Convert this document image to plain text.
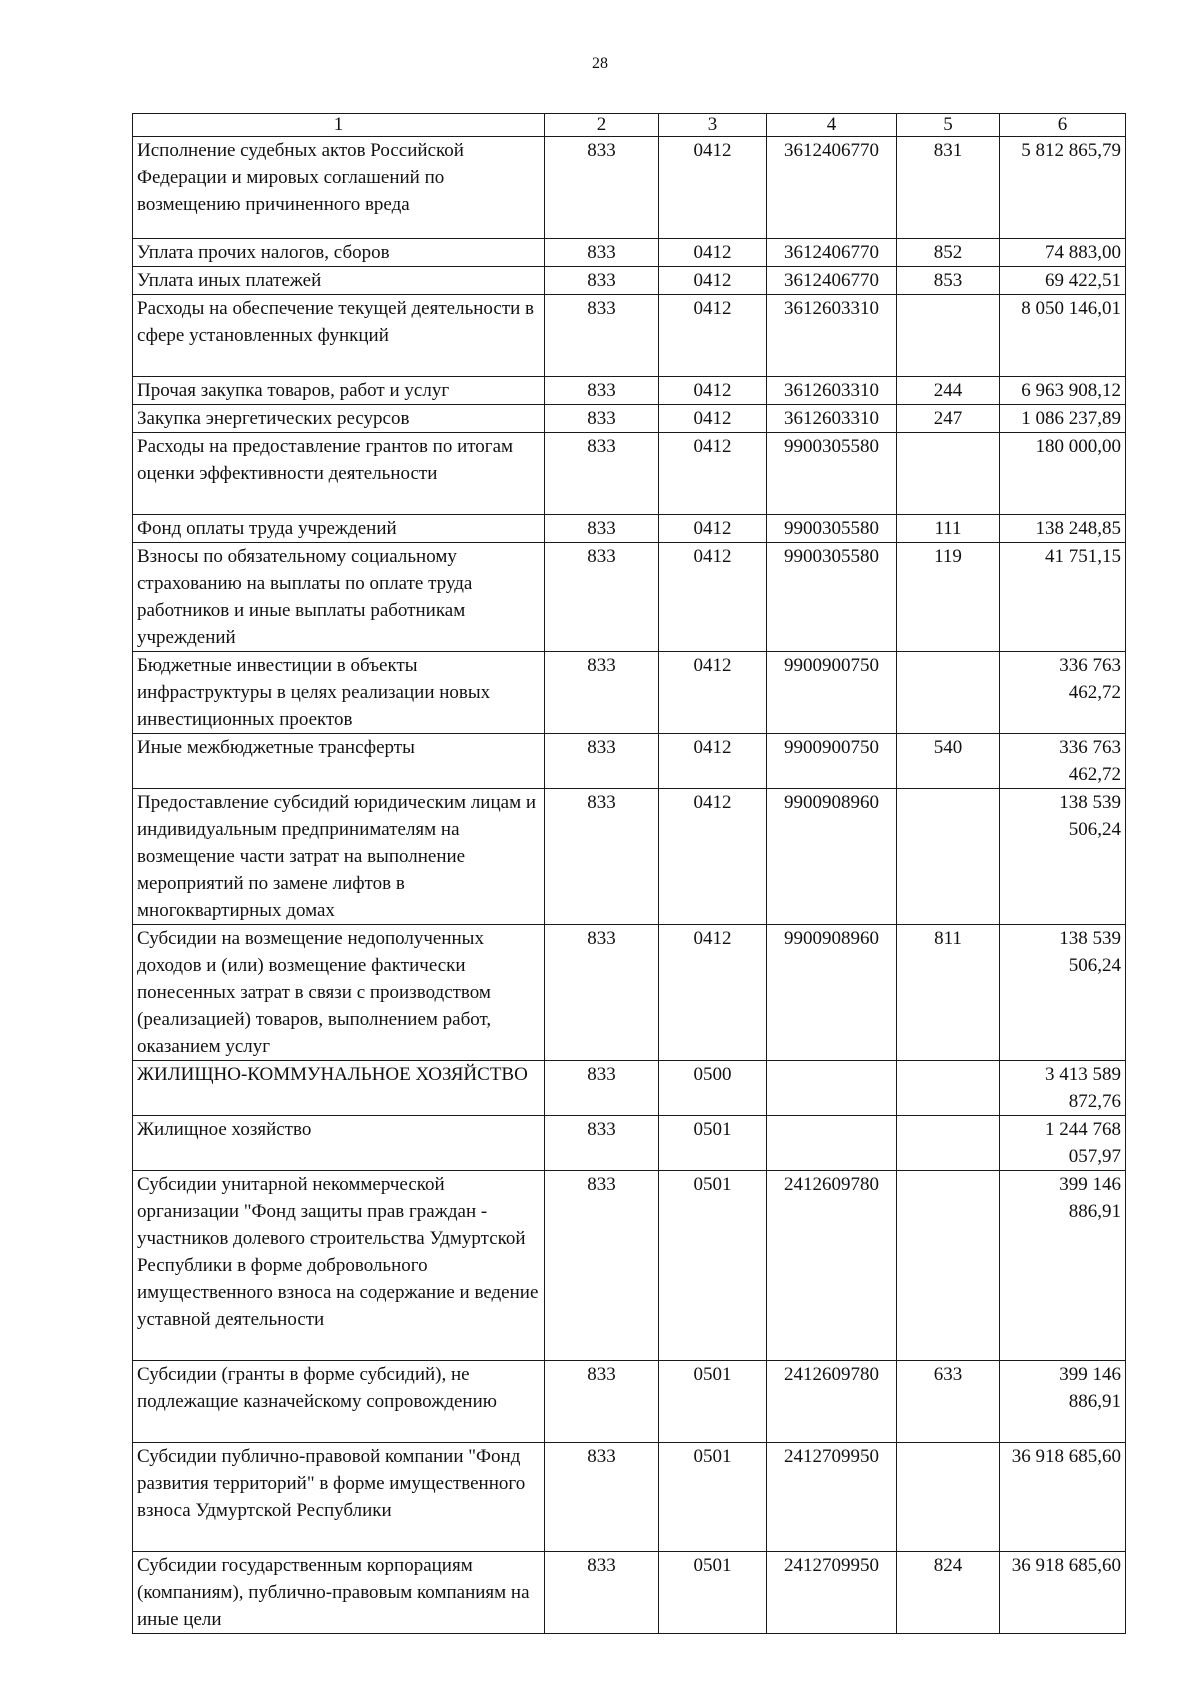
28
1	2	3	4	5	6
Исполнение судебных актов Российской Федерации и мировых соглашений по возмещению причиненного вреда	833	0412	3612406770	831	5 812 865,79
Уплата прочих налогов, сборов	833	0412	3612406770	852	74 883,00
Уплата иных платежей	833	0412	3612406770	853	69 422,51
Расходы на обеспечение текущей деятельности в сфере установленных функций	833	0412	3612603310		8 050 146,01
Прочая закупка товаров, работ и услуг	833	0412	3612603310	244	6 963 908,12
Закупка энергетических ресурсов	833	0412	3612603310	247	1 086 237,89
Расходы на предоставление грантов по итогам оценки эффективности деятельности	833	0412	9900305580		180 000,00
Фонд оплаты труда учреждений	833	0412	9900305580	111	138 248,85
Взносы по обязательному социальному страхованию на выплаты по оплате труда работников и иные выплаты работникам учреждений	833	0412	9900305580	119	41 751,15
Бюджетные инвестиции в объекты инфраструктуры в целях реализации новых инвестиционных проектов	833	0412	9900900750		336 763 462,72
Иные межбюджетные трансферты	833	0412	9900900750	540	336 763 462,72
Предоставление субсидий юридическим лицам и индивидуальным предпринимателям на возмещение части затрат на выполнение мероприятий по замене лифтов в многоквартирных домах	833	0412	9900908960		138 539 506,24
Субсидии на возмещение недополученных доходов и (или) возмещение фактически понесенных затрат в связи с производством (реализацией) товаров, выполнением работ, оказанием услуг	833	0412	9900908960	811	138 539 506,24
ЖИЛИЩНО-КОММУНАЛЬНОЕ ХОЗЯЙСТВО	833	0500			3 413 589 872,76
Жилищное хозяйство	833	0501			1 244 768 057,97
Субсидии унитарной некоммерческой организации "Фонд защиты прав граждан - участников долевого строительства Удмуртской Республики в форме добровольного имущественного взноса на содержание и ведение уставной деятельности	833	0501	2412609780		399 146 886,91
Субсидии (гранты в форме субсидий), не подлежащие казначейскому сопровождению	833	0501	2412609780	633	399 146 886,91
Субсидии публично-правовой компании "Фонд развития территорий" в форме имущественного взноса Удмуртской Республики	833	0501	2412709950		36 918 685,60
Субсидии государственным корпорациям (компаниям), публично-правовым компаниям на иные цели	833	0501	2412709950	824	36 918 685,60
